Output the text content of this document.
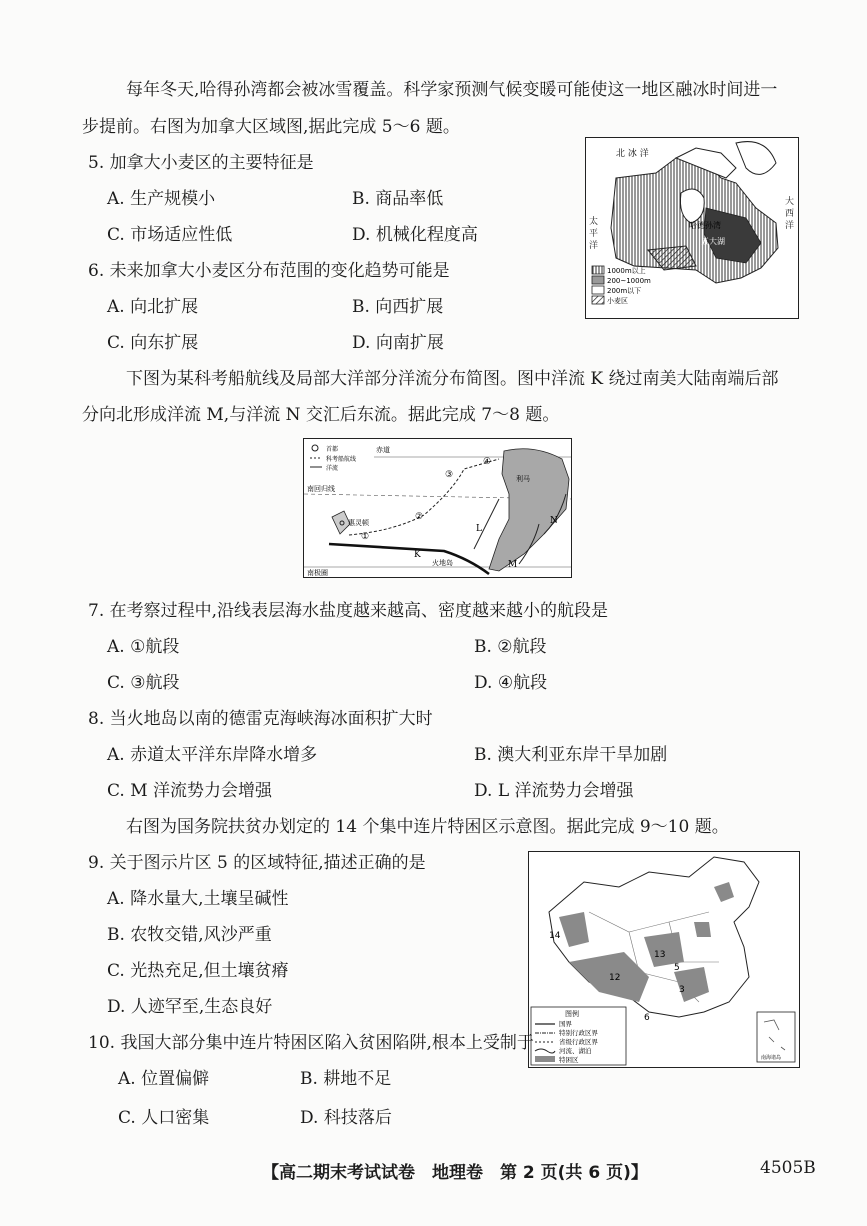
每年冬天,哈得孙湾都会被冰雪覆盖。科学家预测气候变暖可能使这一地区融冰时间进一
步提前。右图为加拿大区域图,据此完成 5～6 题。
5. 加拿大小麦区的主要特征是
A. 生产规模小	B. 商品率低
C. 市场适应性低	D. 机械化程度高
6. 未来加拿大小麦区分布范围的变化趋势可能是
A. 向北扩展	B. 向西扩展
C. 向东扩展	D. 向南扩展
北 冰 洋
哈德孙湾
五大湖
1000m以上
200~1000m
200m以下
小麦区
太平洋
大西洋
下图为某科考船航线及局部大洋部分洋流分布简图。图中洋流 K 绕过南美大陆南端后部
分向北形成洋流 M,与洋流 N 交汇后东流。据此完成 7～8 题。
首都
科考船航线
洋流
赤道
南回归线
南极圈
惠灵顿
利马
火地岛
①
②
③
④
K
L
M
N
7. 在考察过程中,沿线表层海水盐度越来越高、密度越来越小的航段是
A. ①航段	B. ②航段
C. ③航段	D. ④航段
8. 当火地岛以南的德雷克海峡海冰面积扩大时
A. 赤道太平洋东岸降水增多	B. 澳大利亚东岸干旱加剧
C. M 洋流势力会增强	D. L 洋流势力会增强
右图为国务院扶贫办划定的 14 个集中连片特困区示意图。据此完成 9～10 题。
9. 关于图示片区 5 的区域特征,描述正确的是
A. 降水量大,土壤呈碱性
B. 农牧交错,风沙严重
C. 光热充足,但土壤贫瘠
D. 人迹罕至,生态良好
14
13
12
5
3
6
图例
国界
特别行政区界
省级行政区界
河流、湖泊
特困区	南海诸岛
10. 我国大部分集中连片特困区陷入贫困陷阱,根本上受制于
A. 位置偏僻	B. 耕地不足
C. 人口密集	D. 科技落后
【高二期末考试试卷　地理卷　第 2 页(共 6 页)】	4505B
